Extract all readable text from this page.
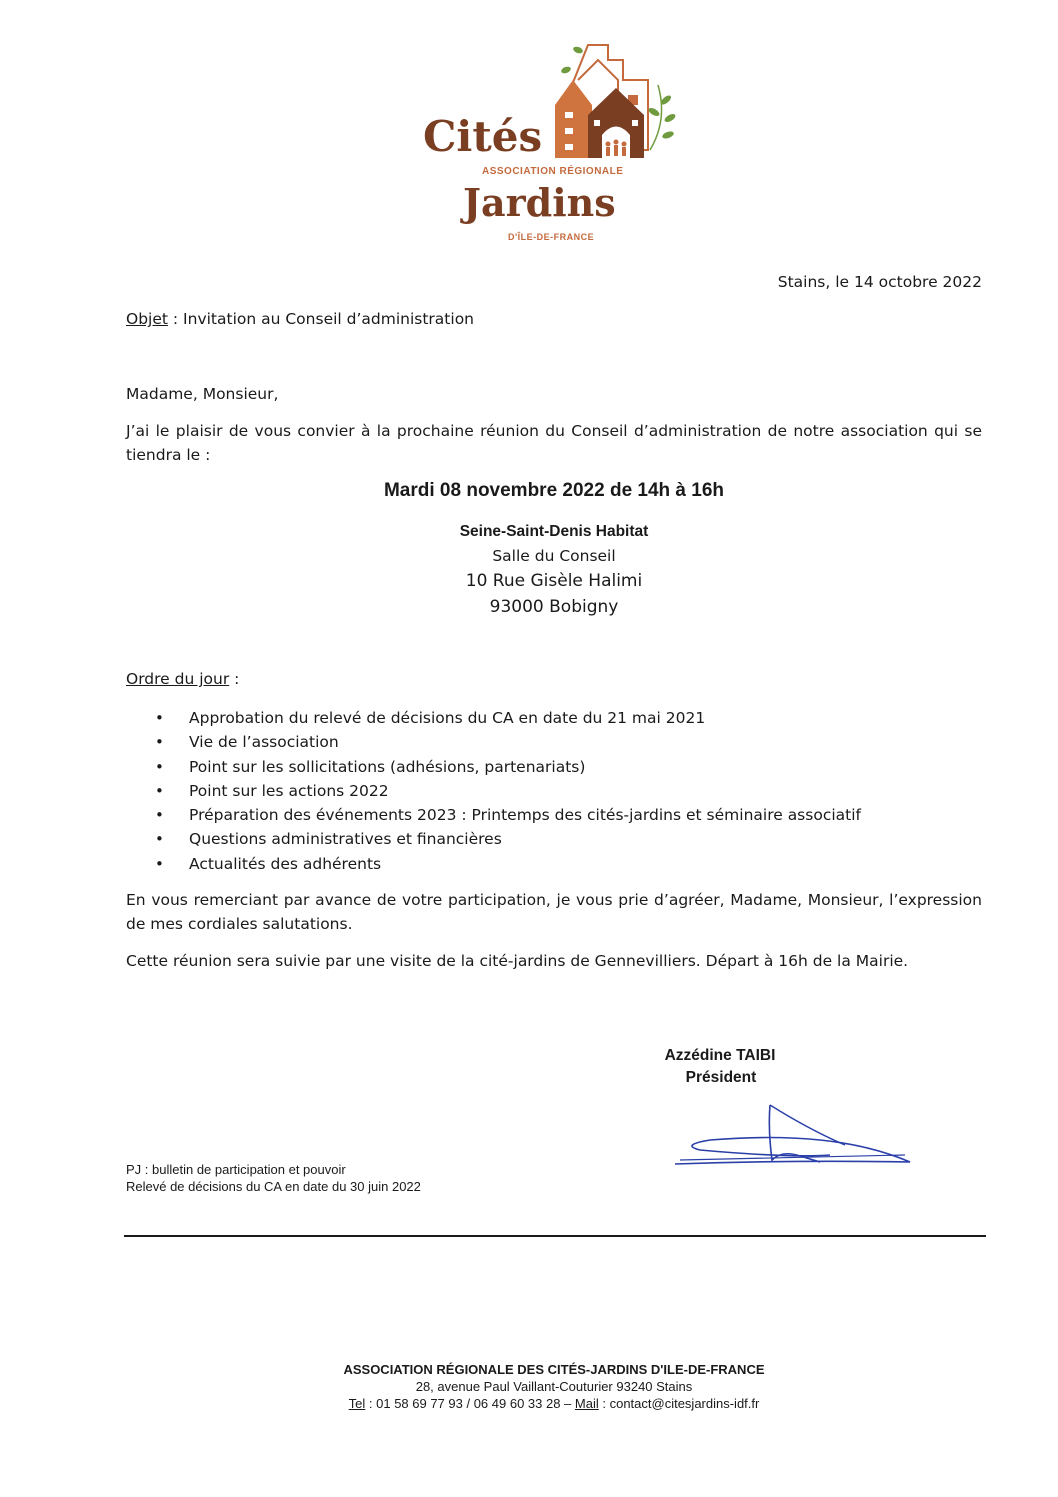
Cités
ASSOCIATION RÉGIONALE
Jardins
D'ÎLE-DE-FRANCE
Stains, le 14 octobre 2022
Objet : Invitation au Conseil d’administration
Madame, Monsieur,
J’ai le plaisir de vous convier à la prochaine réunion du Conseil d’administration de notre association qui se tiendra le :
Mardi 08 novembre 2022 de 14h à 16h
Seine-Saint-Denis Habitat
Salle du Conseil
10 Rue Gisèle Halimi
93000 Bobigny
Ordre du jour :
• Approbation du relevé de décisions du CA en date du 21 mai 2021
• Vie de l’association
• Point sur les sollicitations (adhésions, partenariats)
• Point sur les actions 2022
• Préparation des événements 2023 : Printemps des cités-jardins et séminaire associatif
• Questions administratives et financières
• Actualités des adhérents
En vous remerciant par avance de votre participation, je vous prie d’agréer, Madame, Monsieur, l’expression de mes cordiales salutations.
Cette réunion sera suivie par une visite de la cité-jardins de Gennevilliers. Départ à 16h de la Mairie.
Azzédine TAIBI
Président
PJ : bulletin de participation et pouvoir
Relevé de décisions du CA en date du 30 juin 2022
ASSOCIATION RÉGIONALE DES CITÉS-JARDINS D'ILE-DE-FRANCE
28, avenue Paul Vaillant-Couturier 93240 Stains
Tel : 01 58 69 77 93 / 06 49 60 33 28 – Mail : contact@citesjardins-idf.fr
